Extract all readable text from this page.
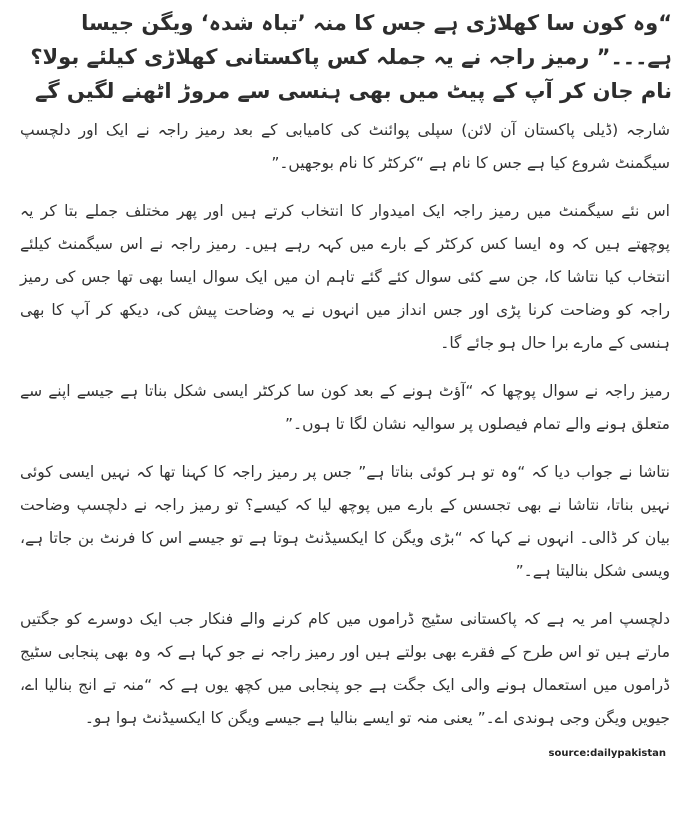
“وہ کون سا کھلاڑی ہے جس کا منہ ’تباہ شدہ‘ ویگن جیسا ہے۔۔۔” رمیز راجہ نے یہ جملہ کس پاکستانی کھلاڑی کیلئے بولا؟ نام جان کر آپ کے پیٹ میں بھی ہنسی سے مروڑ اٹھنے لگیں گے

شارجہ (ڈیلی پاکستان آن لائن) سپلی پوائنٹ کی کامیابی کے بعد رمیز راجہ نے ایک اور دلچسپ سیگمنٹ شروع کیا ہے جس کا نام ہے “کرکٹر کا نام بوجھیں۔”

اس نئے سیگمنٹ میں رمیز راجہ ایک امیدوار کا انتخاب کرتے ہیں اور پھر مختلف جملے بتا کر یہ پوچھتے ہیں کہ وہ ایسا کس کرکٹر کے بارے میں کہہ رہے ہیں۔ رمیز راجہ نے اس سیگمنٹ کیلئے انتخاب کیا نتاشا کا، جن سے کئی سوال کئے گئے تاہم ان میں ایک سوال ایسا بھی تھا جس کی رمیز راجہ کو وضاحت کرنا پڑی اور جس انداز میں انہوں نے یہ وضاحت پیش کی، دیکھ کر آپ کا بھی ہنسی کے مارے برا حال ہو جائے گا۔

رمیز راجہ نے سوال پوچھا کہ “آﺅٹ ہونے کے بعد کون سا کرکٹر ایسی شکل بناتا ہے جیسے اپنے سے متعلق ہونے والے تمام فیصلوں پر سوالیہ نشان لگا تا ہوں۔”

نتاشا نے جواب دیا کہ “وہ تو ہر کوئی بناتا ہے” جس پر رمیز راجہ کا کہنا تھا کہ نہیں ایسی کوئی نہیں بناتا، نتاشا نے بھی تجسس کے بارے میں پوچھ لیا کہ کیسے؟ تو رمیز راجہ نے دلچسپ وضاحت بیان کر ڈالی۔ انہوں نے کہا کہ “بڑی ویگن کا ایکسیڈنٹ ہوتا ہے تو جیسے اس کا فرنٹ بن جاتا ہے، ویسی شکل بنالیتا ہے۔”

دلچسپ امر یہ ہے کہ پاکستانی سٹیج ڈراموں میں کام کرنے والے فنکار جب ایک دوسرے کو جگتیں مارتے ہیں تو اس طرح کے فقرے بھی بولتے ہیں اور رمیز راجہ نے جو کہا ہے کہ وہ بھی پنجابی سٹیج ڈراموں میں استعمال ہونے والی ایک جگت ہے جو پنجابی میں کچھ یوں ہے کہ “منہ تے انج بنالیا اے، جیویں ویگن وجی ہوندی اے۔” یعنی منہ تو ایسے بنالیا ہے جیسے ویگن کا ایکسیڈنٹ ہوا ہو۔

source:dailypakistan
